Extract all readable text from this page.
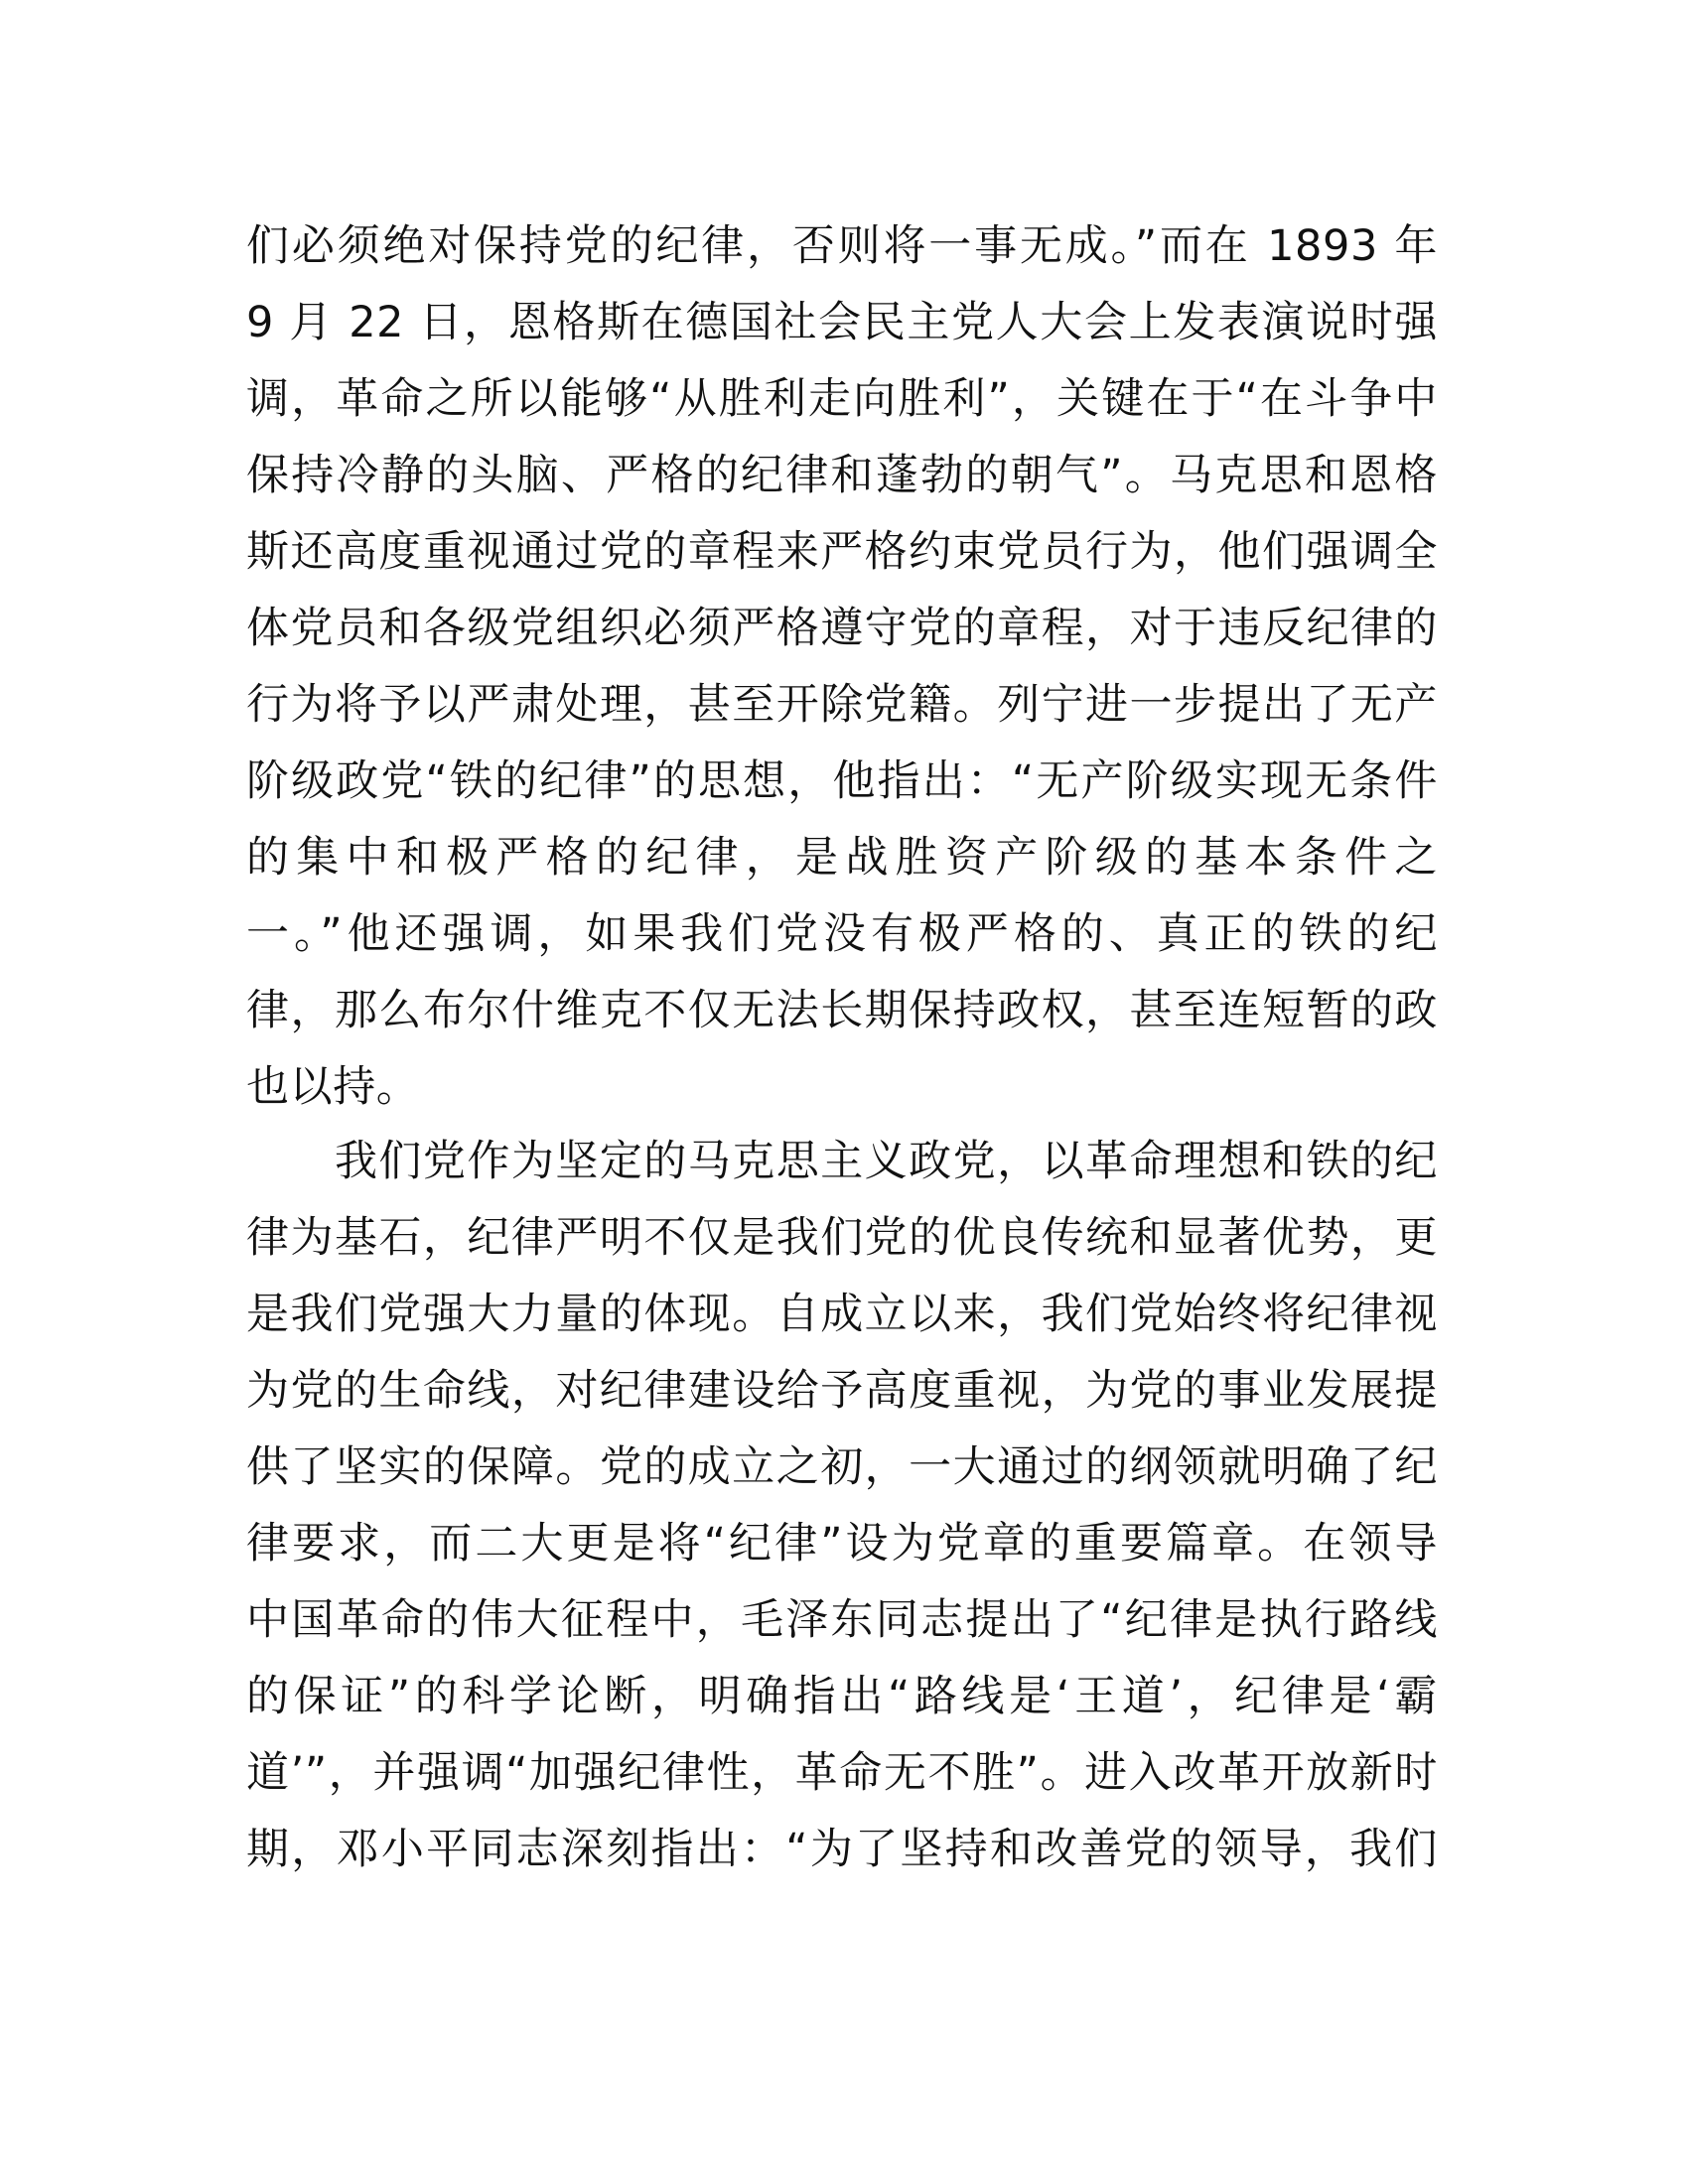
们必须绝对保持党的纪律，否则将一事无成。”而在 1893 年
9 月 22 日，恩格斯在德国社会民主党人大会上发表演说时强
调，革命之所以能够“从胜利走向胜利”，关键在于“在斗争中
保持冷静的头脑、严格的纪律和蓬勃的朝气”。马克思和恩格
斯还高度重视通过党的章程来严格约束党员行为，他们强调全
体党员和各级党组织必须严格遵守党的章程，对于违反纪律的
行为将予以严肃处理，甚至开除党籍。列宁进一步提出了无产
阶级政党“铁的纪律”的思想，他指出：“无产阶级实现无条件
的集中和极严格的纪律，是战胜资产阶级的基本条件之
一。”他还强调，如果我们党没有极严格的、真正的铁的纪
律，那么布尔什维克不仅无法长期保持政权，甚至连短暂的政
也以持。
　　我们党作为坚定的马克思主义政党，以革命理想和铁的纪
律为基石，纪律严明不仅是我们党的优良传统和显著优势，更
是我们党强大力量的体现。自成立以来，我们党始终将纪律视
为党的生命线，对纪律建设给予高度重视，为党的事业发展提
供了坚实的保障。党的成立之初，一大通过的纲领就明确了纪
律要求，而二大更是将“纪律”设为党章的重要篇章。在领导
中国革命的伟大征程中，毛泽东同志提出了“纪律是执行路线
的保证”的科学论断，明确指出“路线是‘王道’，纪律是‘霸
道’”，并强调“加强纪律性，革命无不胜”。进入改革开放新时
期，邓小平同志深刻指出：“为了坚持和改善党的领导，我们
